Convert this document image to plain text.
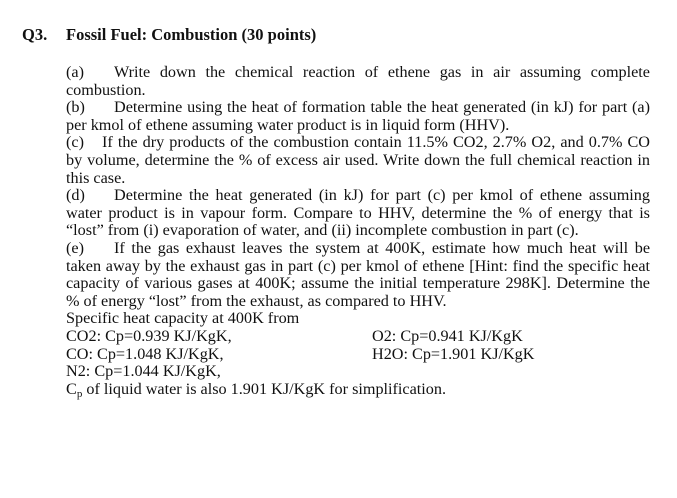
Q3. Fossil Fuel: Combustion (30 points)
(a) Write down the chemical reaction of ethene gas in air assuming complete combustion.
(b) Determine using the heat of formation table the heat generated (in kJ) for part (a) per kmol of ethene assuming water product is in liquid form (HHV).
(c) If the dry products of the combustion contain 11.5% CO2, 2.7% O2, and 0.7% CO by volume, determine the % of excess air used. Write down the full chemical reaction in this case.
(d) Determine the heat generated (in kJ) for part (c) per kmol of ethene assuming water product is in vapour form. Compare to HHV, determine the % of energy that is “lost” from (i) evaporation of water, and (ii) incomplete combustion in part (c).
(e) If the gas exhaust leaves the system at 400K, estimate how much heat will be taken away by the exhaust gas in part (c) per kmol of ethene [Hint: find the specific heat capacity of various gases at 400K; assume the initial temperature 298K]. Determine the % of energy “lost” from the exhaust, as compared to HHV.
Specific heat capacity at 400K from
CO2: Cp=0.939 KJ/KgK,	O2: Cp=0.941 KJ/KgK
CO: Cp=1.048 KJ/KgK,	H2O: Cp=1.901 KJ/KgK
N2: Cp=1.044 KJ/KgK,
$C_p$ of liquid water is also 1.901 KJ/KgK for simplification.
